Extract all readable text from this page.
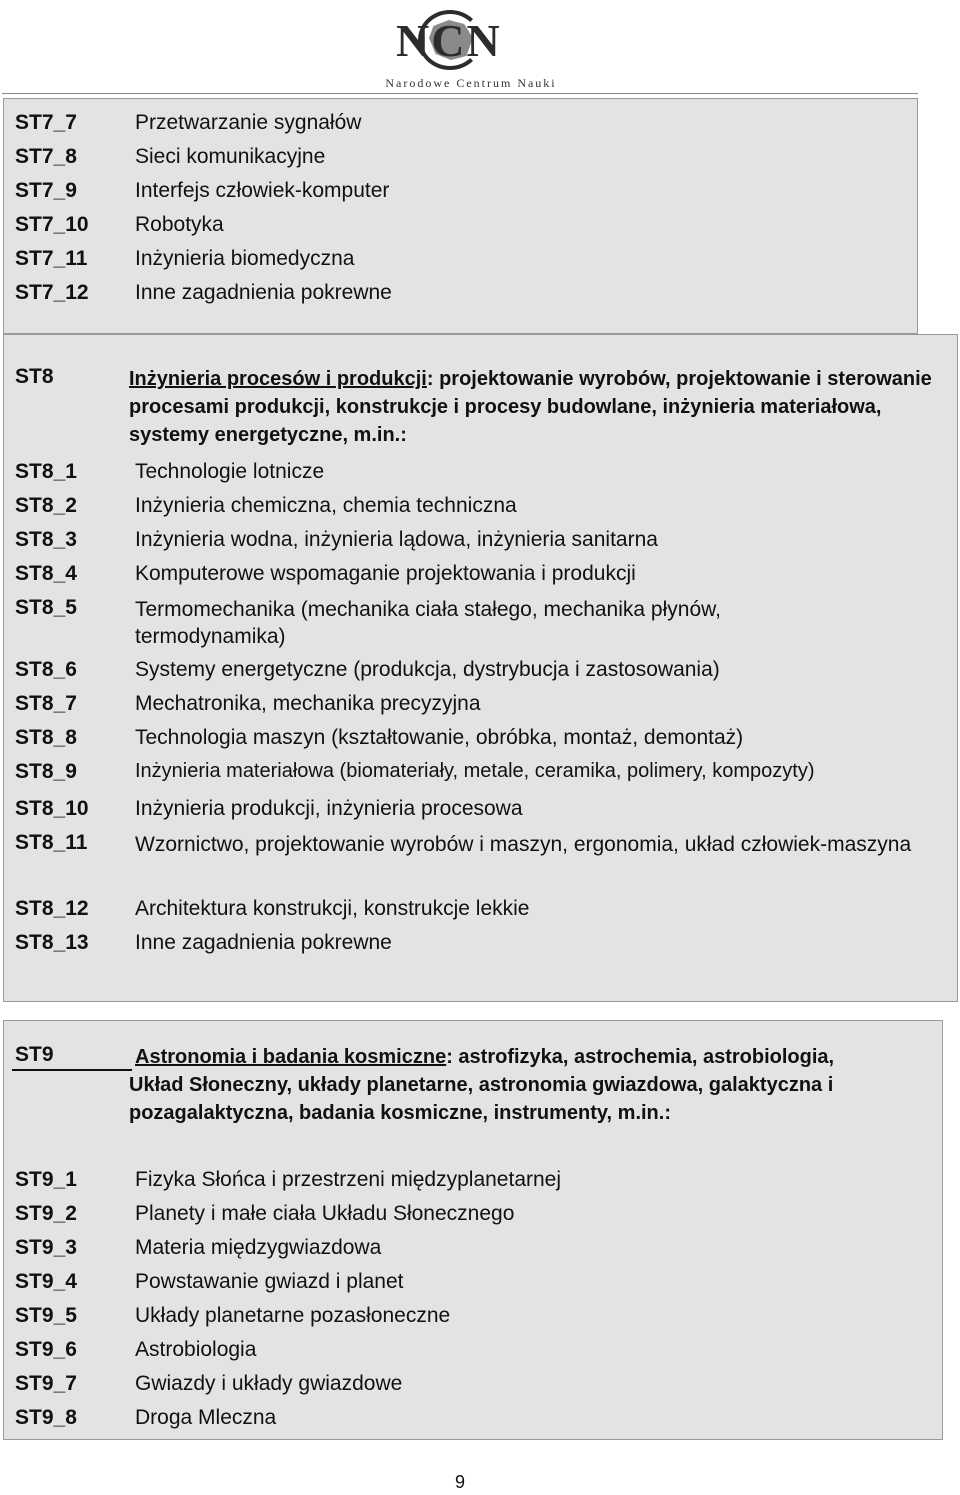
NCN
Narodowe Centrum Nauki
ST7_7	Przetwarzanie sygnałów
ST7_8	Sieci komunikacyjne
ST7_9	Interfejs człowiek-komputer
ST7_10 Robotyka
ST7_11 Inżynieria biomedyczna
ST7_12 Inne zagadnienia pokrewne
ST8	Inżynieria procesów i produkcji: projektowanie wyrobów, projektowanie i sterowanie procesami produkcji, konstrukcje i procesy budowlane, inżynieria materiałowa, systemy energetyczne, m.in.:
ST8_1	Technologie lotnicze
ST8_2	Inżynieria chemiczna, chemia techniczna
ST8_3	Inżynieria wodna, inżynieria lądowa, inżynieria sanitarna
ST8_4	Komputerowe wspomaganie projektowania i produkcji
ST8_5	Termomechanika (mechanika ciała stałego, mechanika płynów, termodynamika)
ST8_6	Systemy energetyczne (produkcja, dystrybucja i zastosowania)
ST8_7	Mechatronika, mechanika precyzyjna
ST8_8	Technologia maszyn (kształtowanie, obróbka, montaż, demontaż)
ST8_9	Inżynieria materiałowa (biomateriały, metale, ceramika, polimery, kompozyty)
ST8_10 Inżynieria produkcji, inżynieria procesowa
ST8_11 Wzornictwo, projektowanie wyrobów i maszyn, ergonomia, układ człowiek-maszyna
ST8_12 Architektura konstrukcji, konstrukcje lekkie
ST8_13 Inne zagadnienia pokrewne
ST9	Astronomia i badania kosmiczne: astrofizyka, astrochemia, astrobiologia, Układ Słoneczny, układy planetarne, astronomia gwiazdowa, galaktyczna i pozagalaktyczna, badania kosmiczne, instrumenty, m.in.:
ST9_1	Fizyka Słońca i przestrzeni międzyplanetarnej
ST9_2	Planety i małe ciała Układu Słonecznego
ST9_3	Materia międzygwiazdowa
ST9_4	Powstawanie gwiazd i planet
ST9_5	Układy planetarne pozasłoneczne
ST9_6	Astrobiologia
ST9_7	Gwiazdy i układy gwiazdowe
ST9_8	Droga Mleczna
9
